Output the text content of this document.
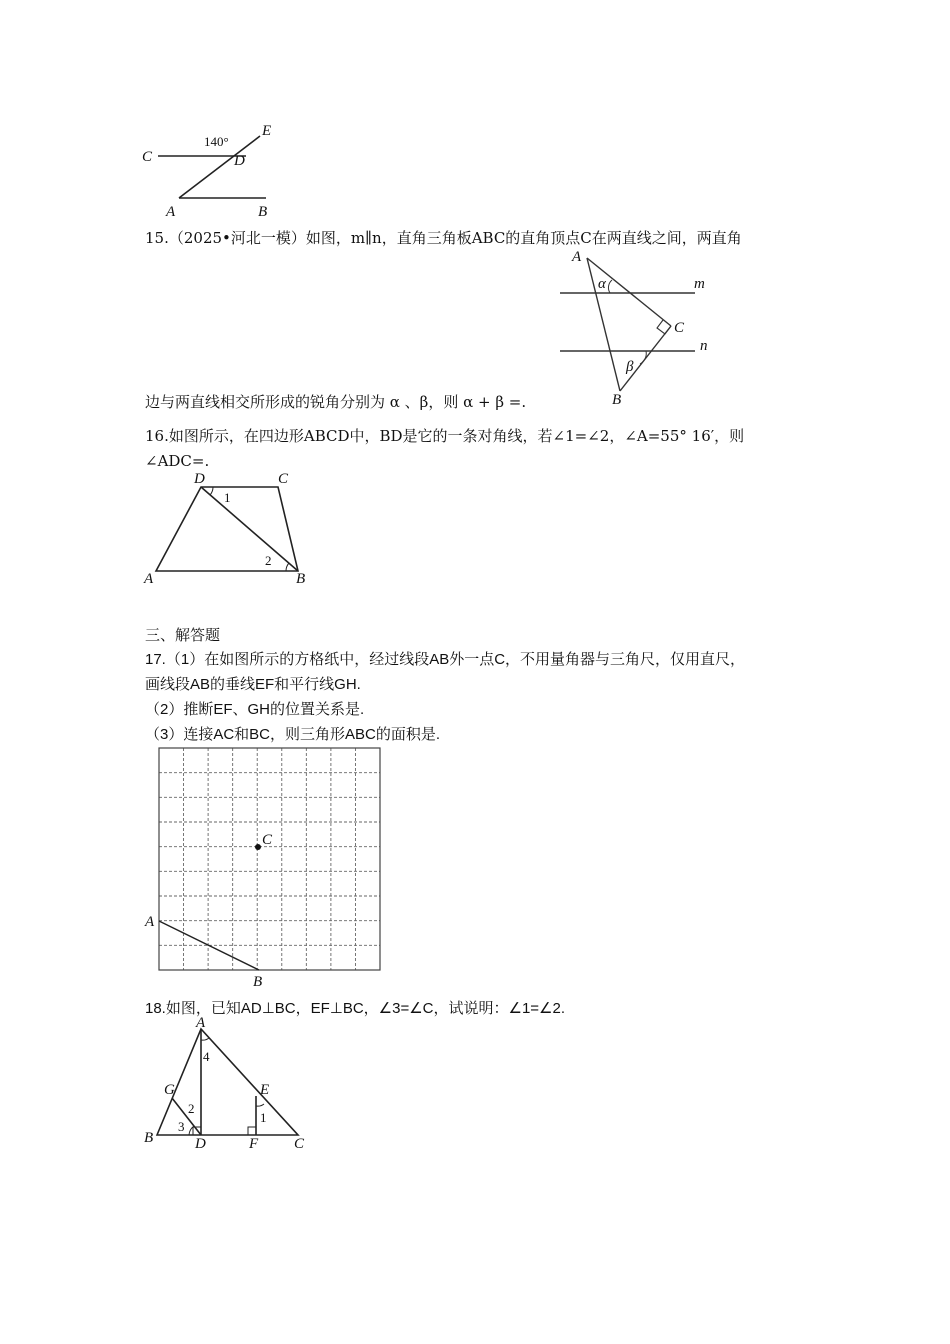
140°
C	D
E
A	B
15.（2025•河北一模）如图，m∥n，直角三角板ABC的直角顶点C在两直线之间，两直角
A
α	m
C
n
β
B
边与两直线相交所形成的锐角分别为 α 、β，则 α + β =.
16.如图所示，在四边形ABCD中，BD是它的一条对角线，若∠1=∠2，∠A=55° 16′，则
∠ADC=.
D	C
1
2
A	B
三、解答题
17.（1）在如图所示的方格纸中，经过线段AB外一点C，不用量角器与三角尺，仅用直尺，
画线段AB的垂线EF和平行线GH.
（2）推断EF、GH的位置关系是.
（3）连接AC和BC，则三角形ABC的面积是.
A
B
C
18.如图，已知AD⊥BC，EF⊥BC，∠3=∠C，试说明：∠1=∠2.
A
4
G	E
2
1
3
B	D	F C
